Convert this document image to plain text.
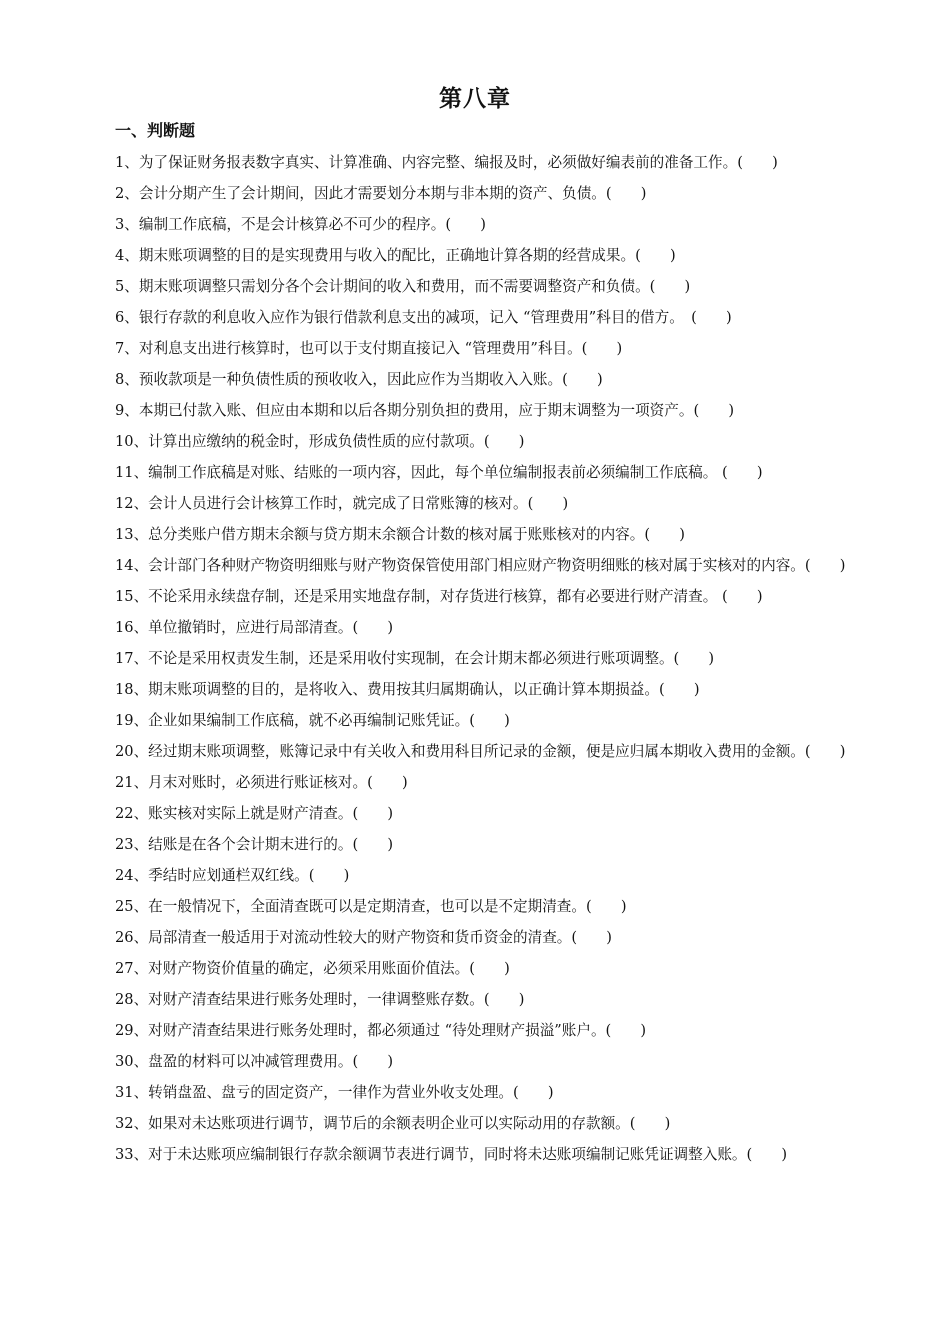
第八章
一、判断题
1、为了保证财务报表数字真实、计算准确、内容完整、编报及时，必须做好编表前的准备工作。(　　)
2、会计分期产生了会计期间，因此才需要划分本期与非本期的资产、负债。(　　)
3、编制工作底稿，不是会计核算必不可少的程序。(　　)
4、期末账项调整的目的是实现费用与收入的配比，正确地计算各期的经营成果。(　　)
5、期末账项调整只需划分各个会计期间的收入和费用，而不需要调整资产和负债。(　　)
6、银行存款的利息收入应作为银行借款利息支出的减项，记入 “管理费用”科目的借方。　(　　)
7、对利息支出进行核算时，也可以于支付期直接记入 “管理费用”科目。(　　)
8、预收款项是一种负债性质的预收收入，因此应作为当期收入入账。(　　)
9、本期已付款入账、但应由本期和以后各期分别负担的费用，应于期末调整为一项资产。(　　)
10、计算出应缴纳的税金时，形成负债性质的应付款项。(　　)
11、编制工作底稿是对账、结账的一项内容，因此，每个单位编制报表前必须编制工作底稿。 (　　)
12、会计人员进行会计核算工作时，就完成了日常账簿的核对。(　　)
13、总分类账户借方期末余额与贷方期末余额合计数的核对属于账账核对的内容。(　　)
14、会计部门各种财产物资明细账与财产物资保管使用部门相应财产物资明细账的核对属于实核对的内容。(　　)
15、不论采用永续盘存制，还是采用实地盘存制，对存货进行核算，都有必要进行财产清查。 (　　)
16、单位撤销时，应进行局部清查。(　　)
17、不论是采用权责发生制，还是采用收付实现制，在会计期末都必须进行账项调整。(　　)
18、期末账项调整的目的，是将收入、费用按其归属期确认，以正确计算本期损益。(　　)
19、企业如果编制工作底稿，就不必再编制记账凭证。(　　)
20、经过期末账项调整，账簿记录中有关收入和费用科目所记录的金额，便是应归属本期收入费用的金额。(　　)
21、月末对账时，必须进行账证核对。(　　)
22、账实核对实际上就是财产清查。(　　)
23、结账是在各个会计期末进行的。(　　)
24、季结时应划通栏双红线。(　　)
25、在一般情况下，全面清查既可以是定期清查，也可以是不定期清查。(　　)
26、局部清查一般适用于对流动性较大的财产物资和货币资金的清查。(　　)
27、对财产物资价值量的确定，必须采用账面价值法。(　　)
28、对财产清查结果进行账务处理时，一律调整账存数。(　　)
29、对财产清查结果进行账务处理时，都必须通过 “待处理财产损溢”账户。(　　)
30、盘盈的材料可以冲减管理费用。(　　)
31、转销盘盈、盘亏的固定资产，一律作为营业外收支处理。(　　)
32、如果对未达账项进行调节，调节后的余额表明企业可以实际动用的存款额。(　　)
33、对于未达账项应编制银行存款余额调节表进行调节，同时将未达账项编制记账凭证调整入账。(　　)
